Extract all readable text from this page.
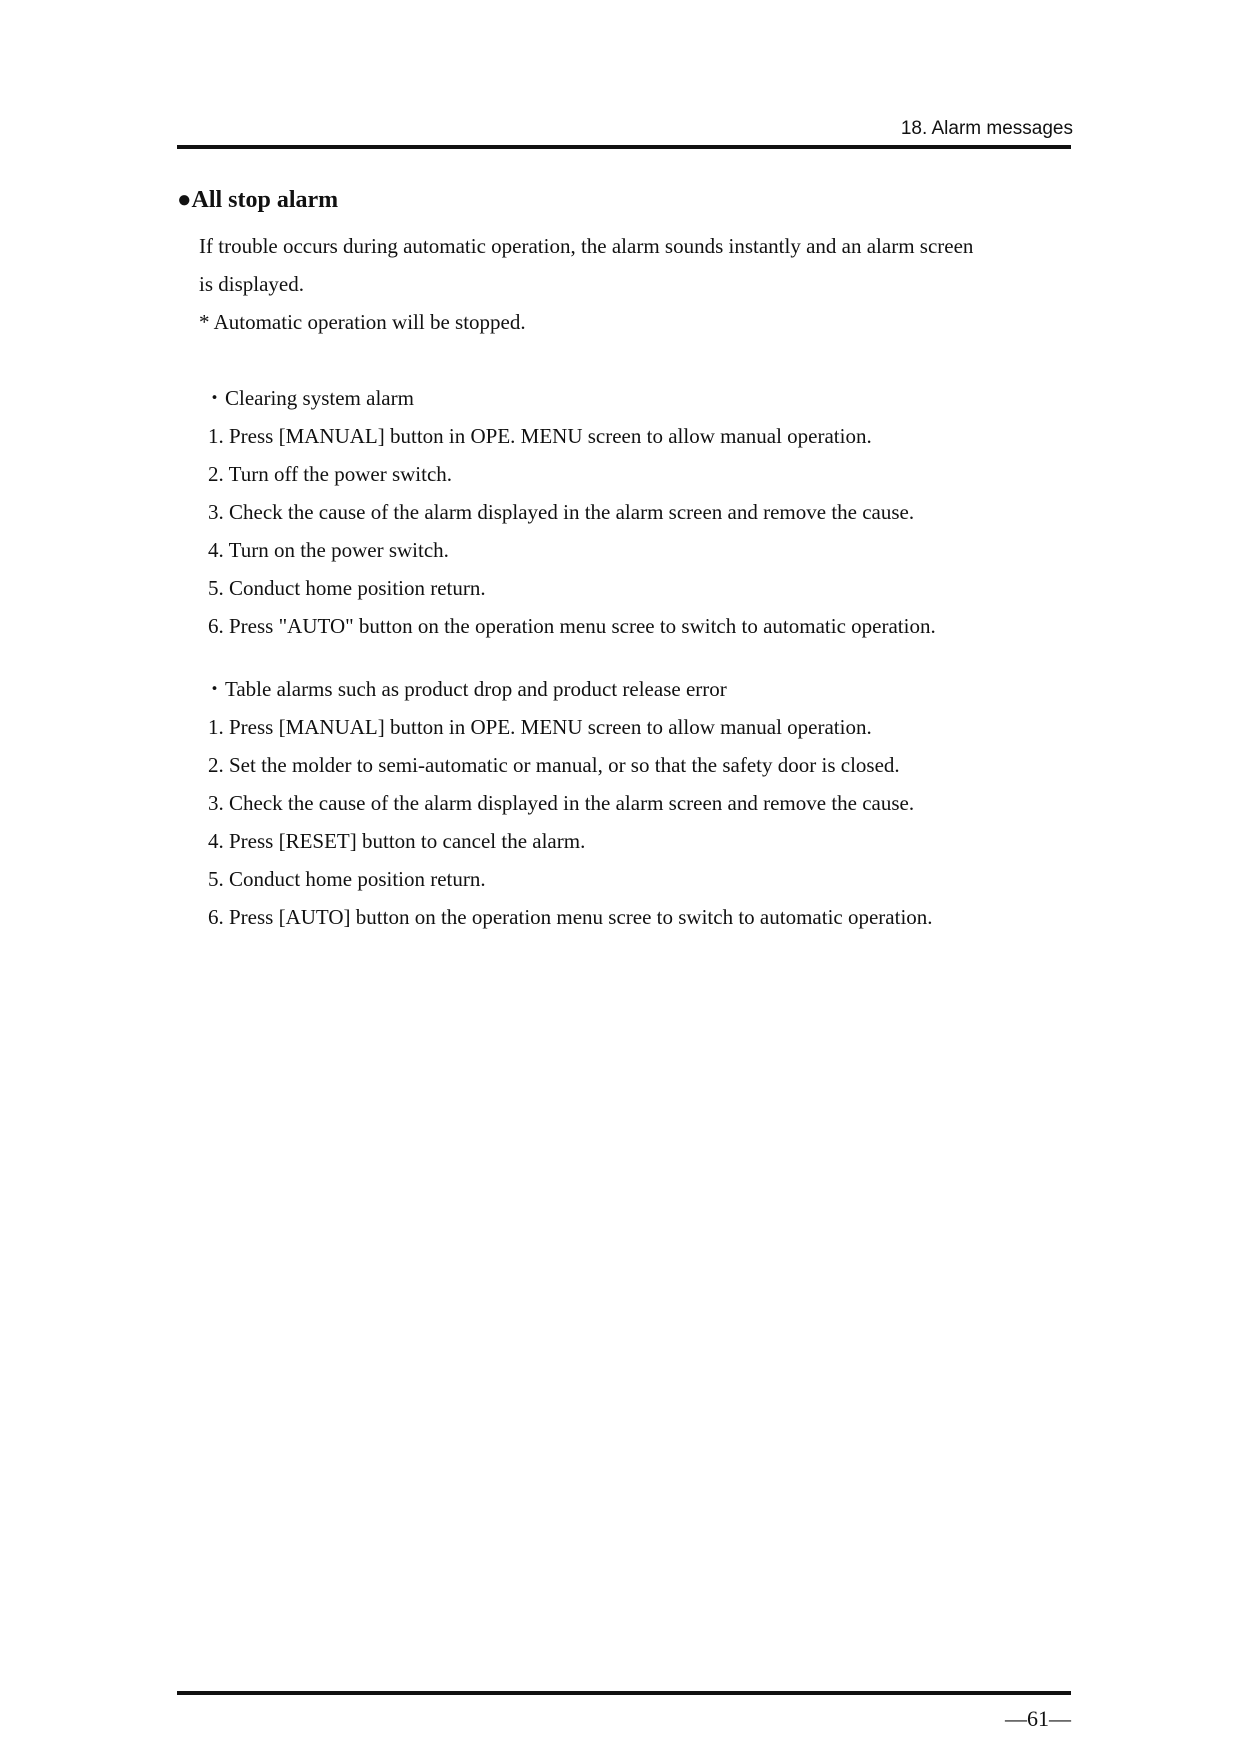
18. Alarm messages
●All stop alarm
If trouble occurs during automatic operation, the alarm sounds instantly and an alarm screen
is displayed.
* Automatic operation will be stopped.
・Clearing system alarm
1. Press [MANUAL] button in OPE. MENU screen to allow manual operation.
2. Turn off the power switch.
3. Check the cause of the alarm displayed in the alarm screen and remove the cause.
4. Turn on the power switch.
5. Conduct home position return.
6. Press "AUTO" button on the operation menu scree to switch to automatic operation.
・Table alarms such as product drop and product release error
1. Press [MANUAL] button in OPE. MENU screen to allow manual operation.
2. Set the molder to semi-automatic or manual, or so that the safety door is closed.
3. Check the cause of the alarm displayed in the alarm screen and remove the cause.
4. Press [RESET] button to cancel the alarm.
5. Conduct home position return.
6. Press [AUTO] button on the operation menu scree to switch to automatic operation.
—61—
